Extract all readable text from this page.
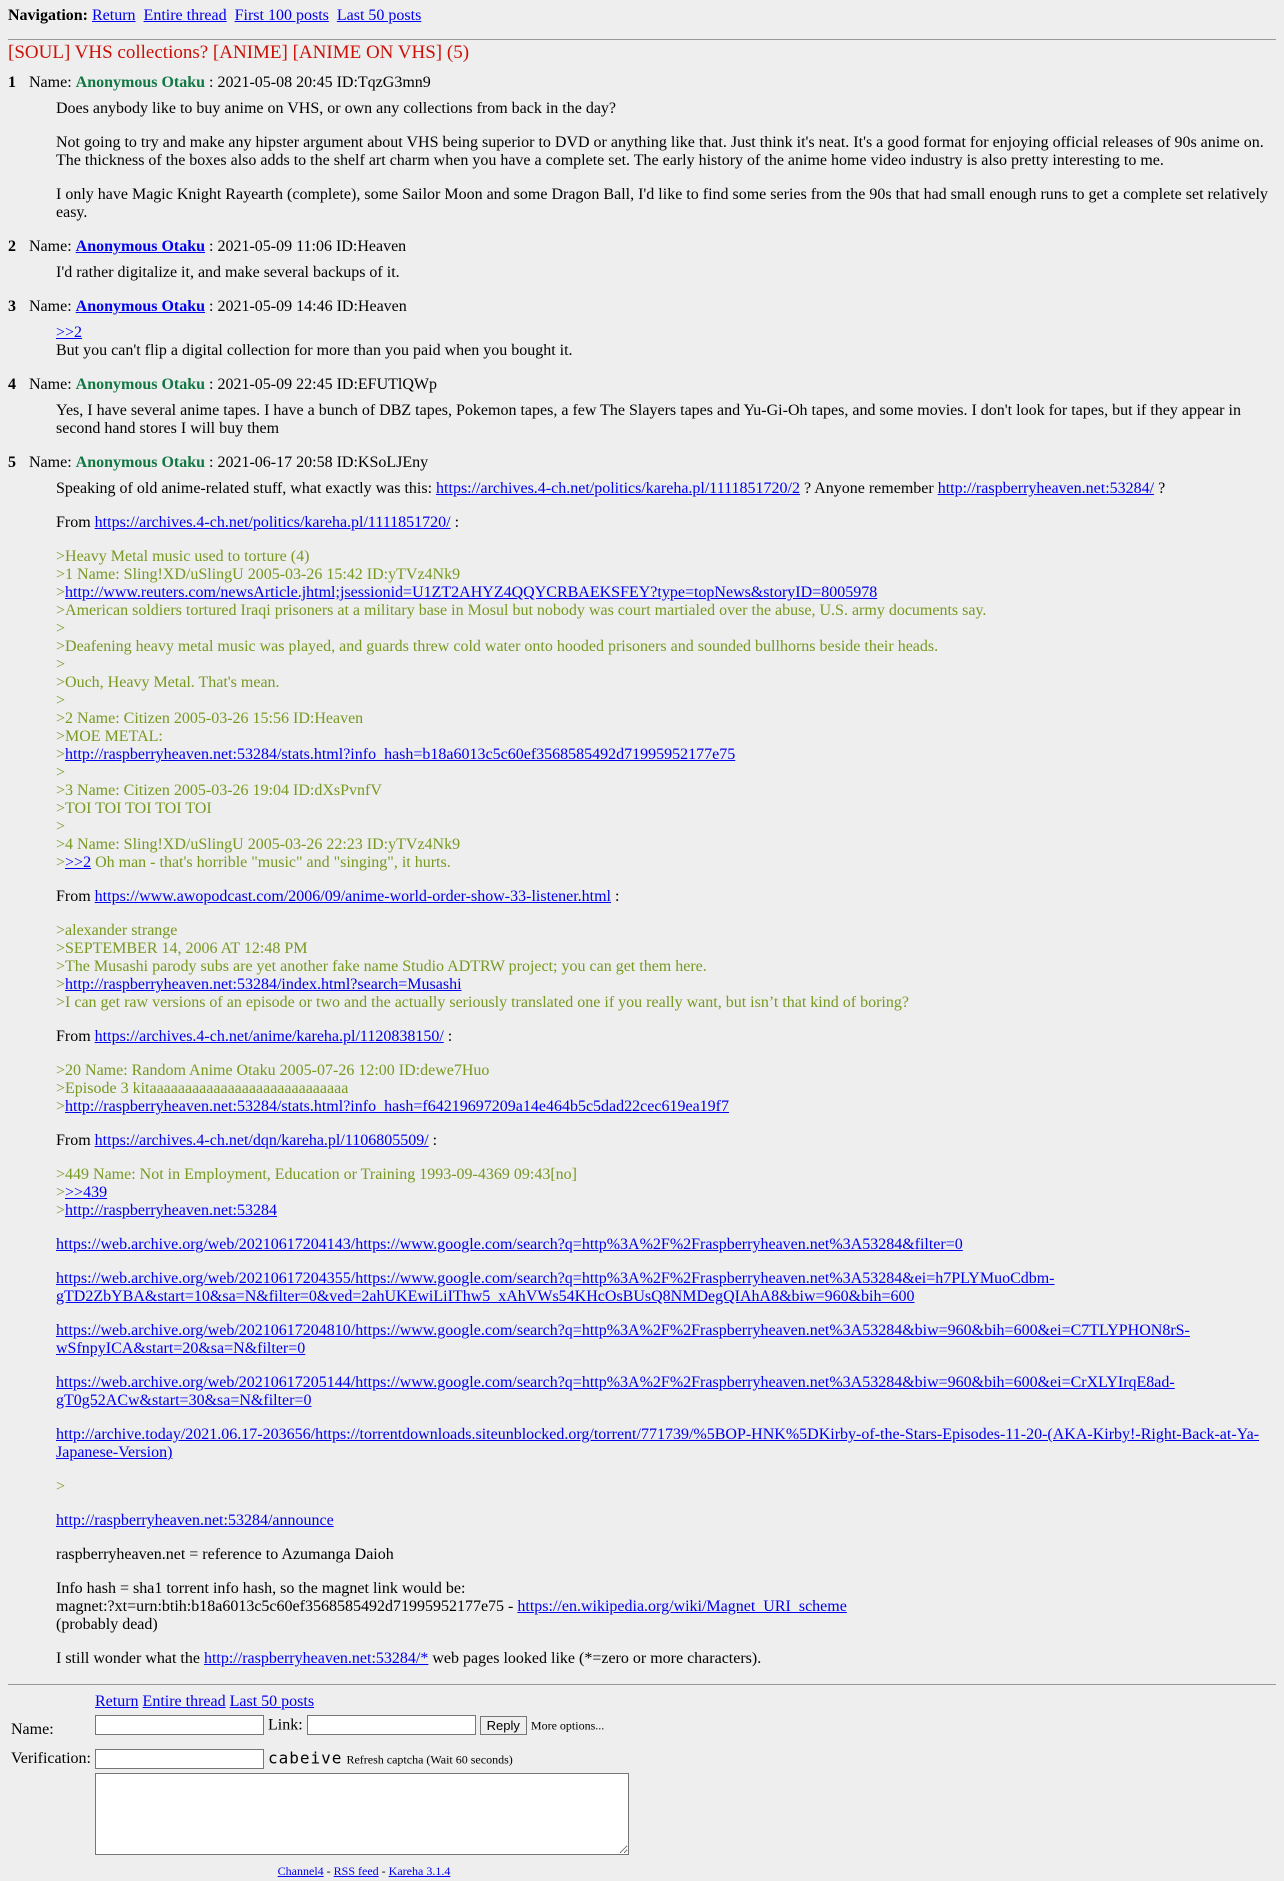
Navigation: Return Entire thread First 100 posts Last 50 posts
[SOUL] VHS collections? [ANIME] [ANIME ON VHS] (5)
1 Name: Anonymous Otaku : 2021-05-08 20:45 ID:TqzG3mn9

Does anybody like to buy anime on VHS, or own any collections from back in the day?

Not going to try and make any hipster argument about VHS being superior to DVD or anything like that. Just think it's neat. It's a good format for enjoying official releases of 90s anime on. The thickness of the boxes also adds to the shelf art charm when you have a complete set. The early history of the anime home video industry is also pretty interesting to me.

I only have Magic Knight Rayearth (complete), some Sailor Moon and some Dragon Ball, I'd like to find some series from the 90s that had small enough runs to get a complete set relatively easy.

2 Name: Anonymous Otaku : 2021-05-09 11:06 ID:Heaven

I'd rather digitalize it, and make several backups of it.

3 Name: Anonymous Otaku : 2021-05-09 14:46 ID:Heaven

>>2
But you can't flip a digital collection for more than you paid when you bought it.

4 Name: Anonymous Otaku : 2021-05-09 22:45 ID:EFUTlQWp

Yes, I have several anime tapes. I have a bunch of DBZ tapes, Pokemon tapes, a few The Slayers tapes and Yu-Gi-Oh tapes, and some movies. I don't look for tapes, but if they appear in second hand stores I will buy them

5 Name: Anonymous Otaku : 2021-06-17 20:58 ID:KSoLJEny

Speaking of old anime-related stuff, what exactly was this: https://archives.4-ch.net/politics/kareha.pl/1111851720/2 ? Anyone remember http://raspberryheaven.net:53284/ ?

From https://archives.4-ch.net/politics/kareha.pl/1111851720/ :

>Heavy Metal music used to torture (4)
>1 Name: Sling!XD/uSlingU 2005-03-26 15:42 ID:yTVz4Nk9
>http://www.reuters.com/newsArticle.jhtml;jsessionid=U1ZT2AHYZ4QQYCRBAEKSFEY?type=topNews&storyID=8005978
>American soldiers tortured Iraqi prisoners at a military base in Mosul but nobody was court martialed over the abuse, U.S. army documents say.
>
>Deafening heavy metal music was played, and guards threw cold water onto hooded prisoners and sounded bullhorns beside their heads.
>
>Ouch, Heavy Metal. That's mean.
>
>2 Name: Citizen 2005-03-26 15:56 ID:Heaven
>MOE METAL:
>http://raspberryheaven.net:53284/stats.html?info_hash=b18a6013c5c60ef3568585492d71995952177e75
>
>3 Name: Citizen 2005-03-26 19:04 ID:dXsPvnfV
>TOI TOI TOI TOI TOI
>
>4 Name: Sling!XD/uSlingU 2005-03-26 22:23 ID:yTVz4Nk9
>>>2 Oh man - that's horrible "music" and "singing", it hurts.

From https://www.awopodcast.com/2006/09/anime-world-order-show-33-listener.html :

>alexander strange
>SEPTEMBER 14, 2006 AT 12:48 PM
>The Musashi parody subs are yet another fake name Studio ADTRW project; you can get them here.
>http://raspberryheaven.net:53284/index.html?search=Musashi
>I can get raw versions of an episode or two and the actually seriously translated one if you really want, but isn’t that kind of boring?

From https://archives.4-ch.net/anime/kareha.pl/1120838150/ :

>20 Name: Random Anime Otaku 2005-07-26 12:00 ID:dewe7Huo
>Episode 3 kitaaaaaaaaaaaaaaaaaaaaaaaaaaaa
>http://raspberryheaven.net:53284/stats.html?info_hash=f64219697209a14e464b5c5dad22cec619ea19f7

From https://archives.4-ch.net/dqn/kareha.pl/1106805509/ :

>449 Name: Not in Employment, Education or Training 1993-09-4369 09:43[no]
>>>439
>http://raspberryheaven.net:53284

https://web.archive.org/web/20210617204143/https://www.google.com/search?q=http%3A%2F%2Fraspberryheaven.net%3A53284&filter=0

https://web.archive.org/web/20210617204355/https://www.google.com/search?q=http%3A%2F%2Fraspberryheaven.net%3A53284&ei=h7PLYMuoCdbm-gTD2ZbYBA&start=10&sa=N&filter=0&ved=2ahUKEwiLiIThw5_xAhVWs54KHcOsBUsQ8NMDegQIAhA8&biw=960&bih=600

https://web.archive.org/web/20210617204810/https://www.google.com/search?q=http%3A%2F%2Fraspberryheaven.net%3A53284&biw=960&bih=600&ei=C7TLYPHON8rS-wSfnpyICA&start=20&sa=N&filter=0

https://web.archive.org/web/20210617205144/https://www.google.com/search?q=http%3A%2F%2Fraspberryheaven.net%3A53284&biw=960&bih=600&ei=CrXLYIrqE8ad-gT0g52ACw&start=30&sa=N&filter=0

http://archive.today/2021.06.17-203656/https://torrentdownloads.siteunblocked.org/torrent/771739/%5BOP-HNK%5DKirby-of-the-Stars-Episodes-11-20-(AKA-Kirby!-Right-Back-at-Ya-Japanese-Version)

>

http://raspberryheaven.net:53284/announce

raspberryheaven.net = reference to Azumanga Daioh

Info hash = sha1 torrent info hash, so the magnet link would be:
magnet:?xt=urn:btih:b18a6013c5c60ef3568585492d71995952177e75 - https://en.wikipedia.org/wiki/Magnet_URI_scheme
(probably dead)

I still wonder what the http://raspberryheaven.net:53284/* web pages looked like (*=zero or more characters).

	Return Entire thread Last 50 posts
Name:	Link: Reply More options...
Verification:	cabeive Refresh captcha (Wait 60 seconds)

Channel4 - RSS feed - Kareha 3.1.4
